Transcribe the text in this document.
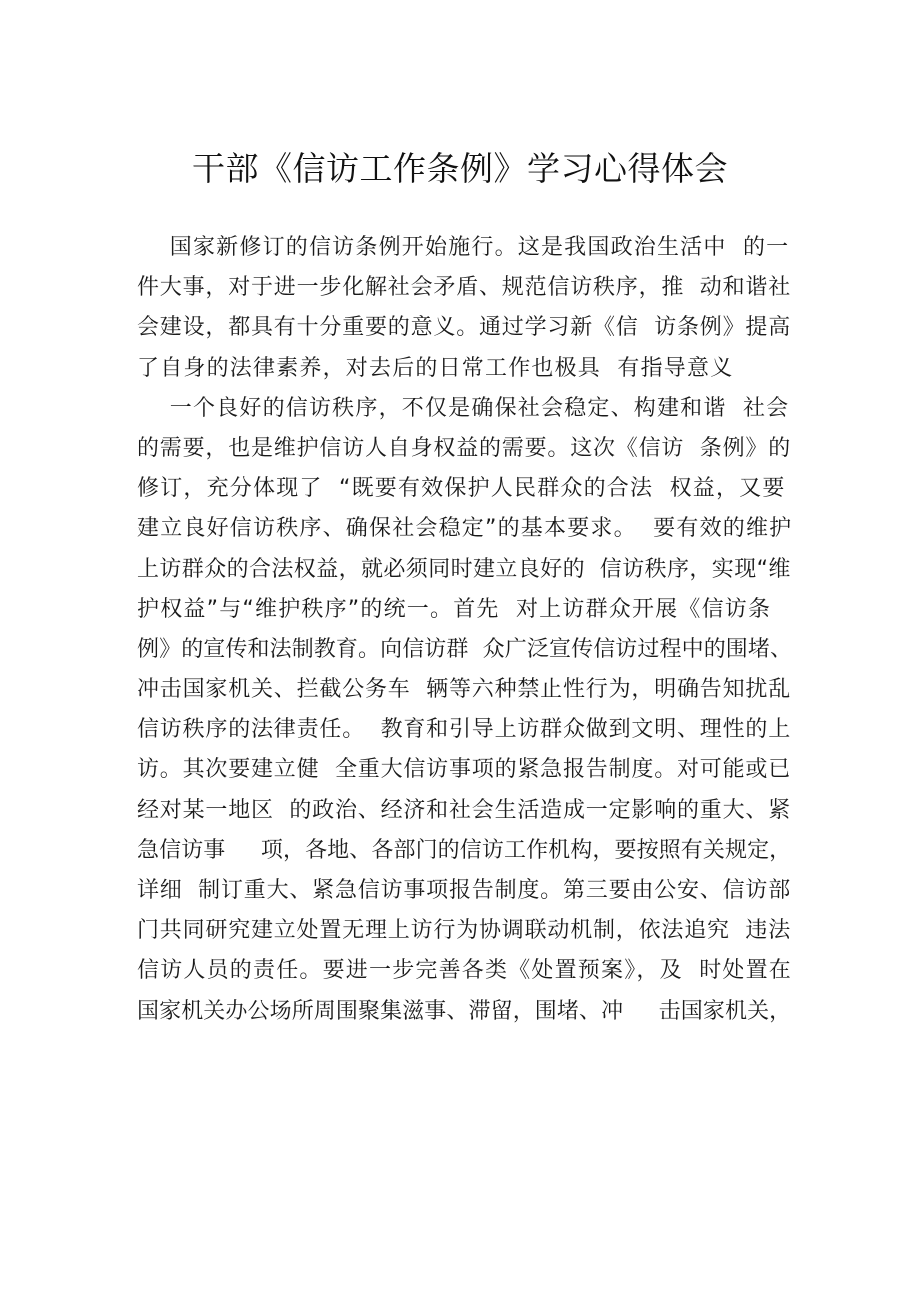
干部《信访工作条例》学习心得体会
国家新修订的信访条例开始施行。这是我国政治生活中  的一
件大事，对于进一步化解社会矛盾、规范信访秩序，推  动和谐社
会建设，都具有十分重要的意义。通过学习新《信  访条例》提高
了自身的法律素养，对去后的日常工作也极具  有指导意义
一个良好的信访秩序，不仅是确保社会稳定、构建和谐  社会
的需要，也是维护信访人自身权益的需要。这次《信访  条例》的
修订，充分体现了  “既要有效保护人民群众的合法  权益，又要
建立良好信访秩序、确保社会稳定”的基本要求。  要有效的维护
上访群众的合法权益，就必须同时建立良好的  信访秩序，实现“维
护权益”与“维护秩序”的统一。首先  对上访群众开展《信访条
例》的宣传和法制教育。向信访群  众广泛宣传信访过程中的围堵、
冲击国家机关、拦截公务车  辆等六种禁止性行为，明确告知扰乱
信访秩序的法律责任。  教育和引导上访群众做到文明、理性的上
访。其次要建立健  全重大信访事项的紧急报告制度。对可能或已
经对某一地区  的政治、经济和社会生活造成一定影响的重大、紧
急信访事     项，各地、各部门的信访工作机构，要按照有关规定，
详细  制订重大、紧急信访事项报告制度。第三要由公安、信访部
门共同研究建立处置无理上访行为协调联动机制，依法追究  违法
信访人员的责任。要进一步完善各类《处置预案》，及  时处置在
国家机关办公场所周围聚集滋事、滞留，围堵、冲     击国家机关，
